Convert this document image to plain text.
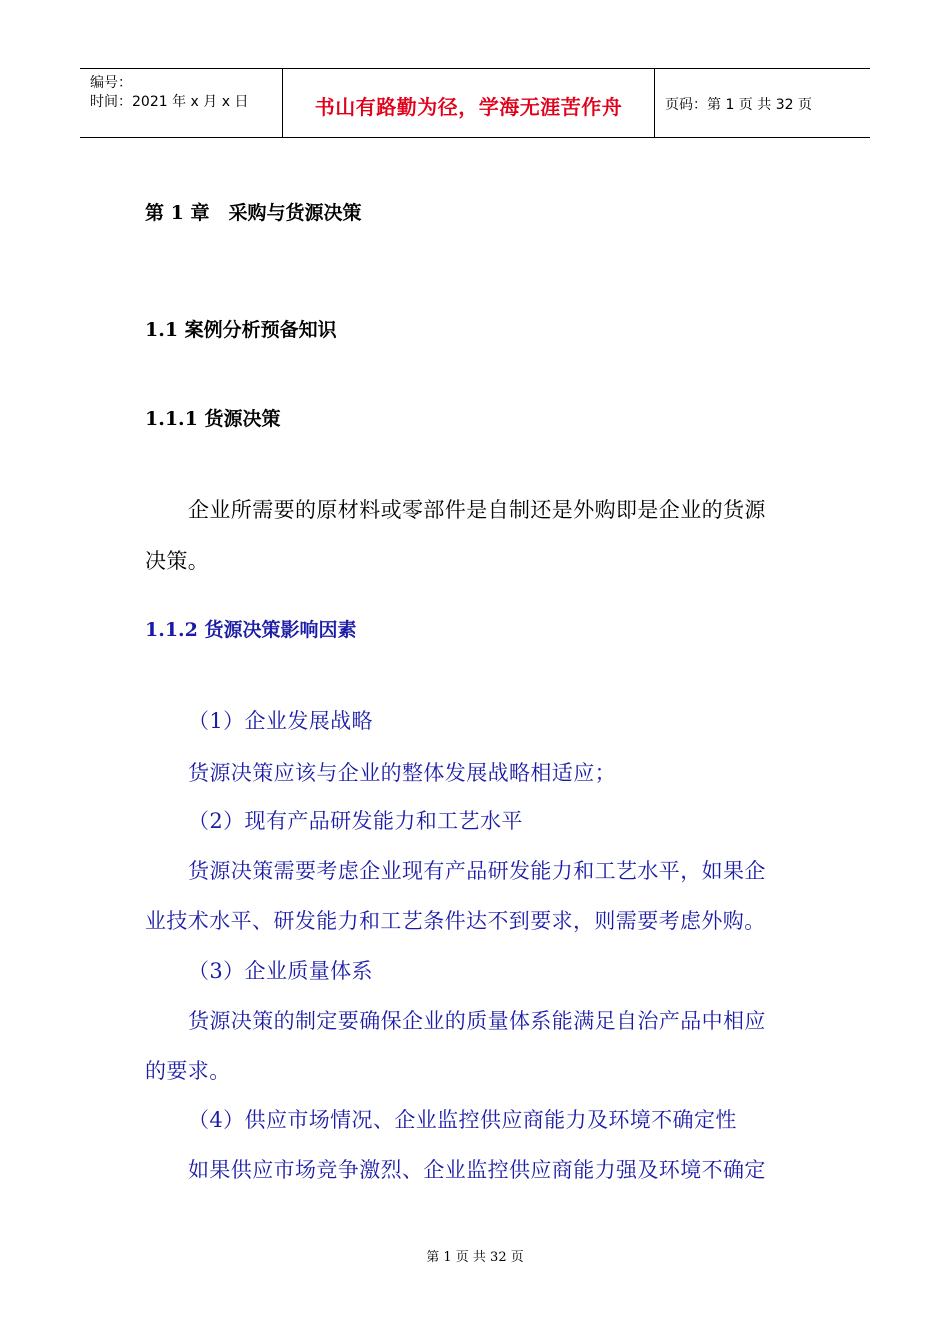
编号：
时间：2021 年 x 月 x 日	书山有路勤为径，学海无涯苦作舟	页码：第 1 页 共 32 页
第 1 章　采购与货源决策
1.1 案例分析预备知识
1.1.1 货源决策
企业所需要的原材料或零部件是自制还是外购即是企业的货源
决策。
1.1.2 货源决策影响因素
（1）企业发展战略
货源决策应该与企业的整体发展战略相适应；
（2）现有产品研发能力和工艺水平
货源决策需要考虑企业现有产品研发能力和工艺水平，如果企
业技术水平、研发能力和工艺条件达不到要求，则需要考虑外购。
（3）企业质量体系
货源决策的制定要确保企业的质量体系能满足自治产品中相应
的要求。
（4）供应市场情况、企业监控供应商能力及环境不确定性
如果供应市场竞争激烈、企业监控供应商能力强及环境不确定
第 1 页 共 32 页
